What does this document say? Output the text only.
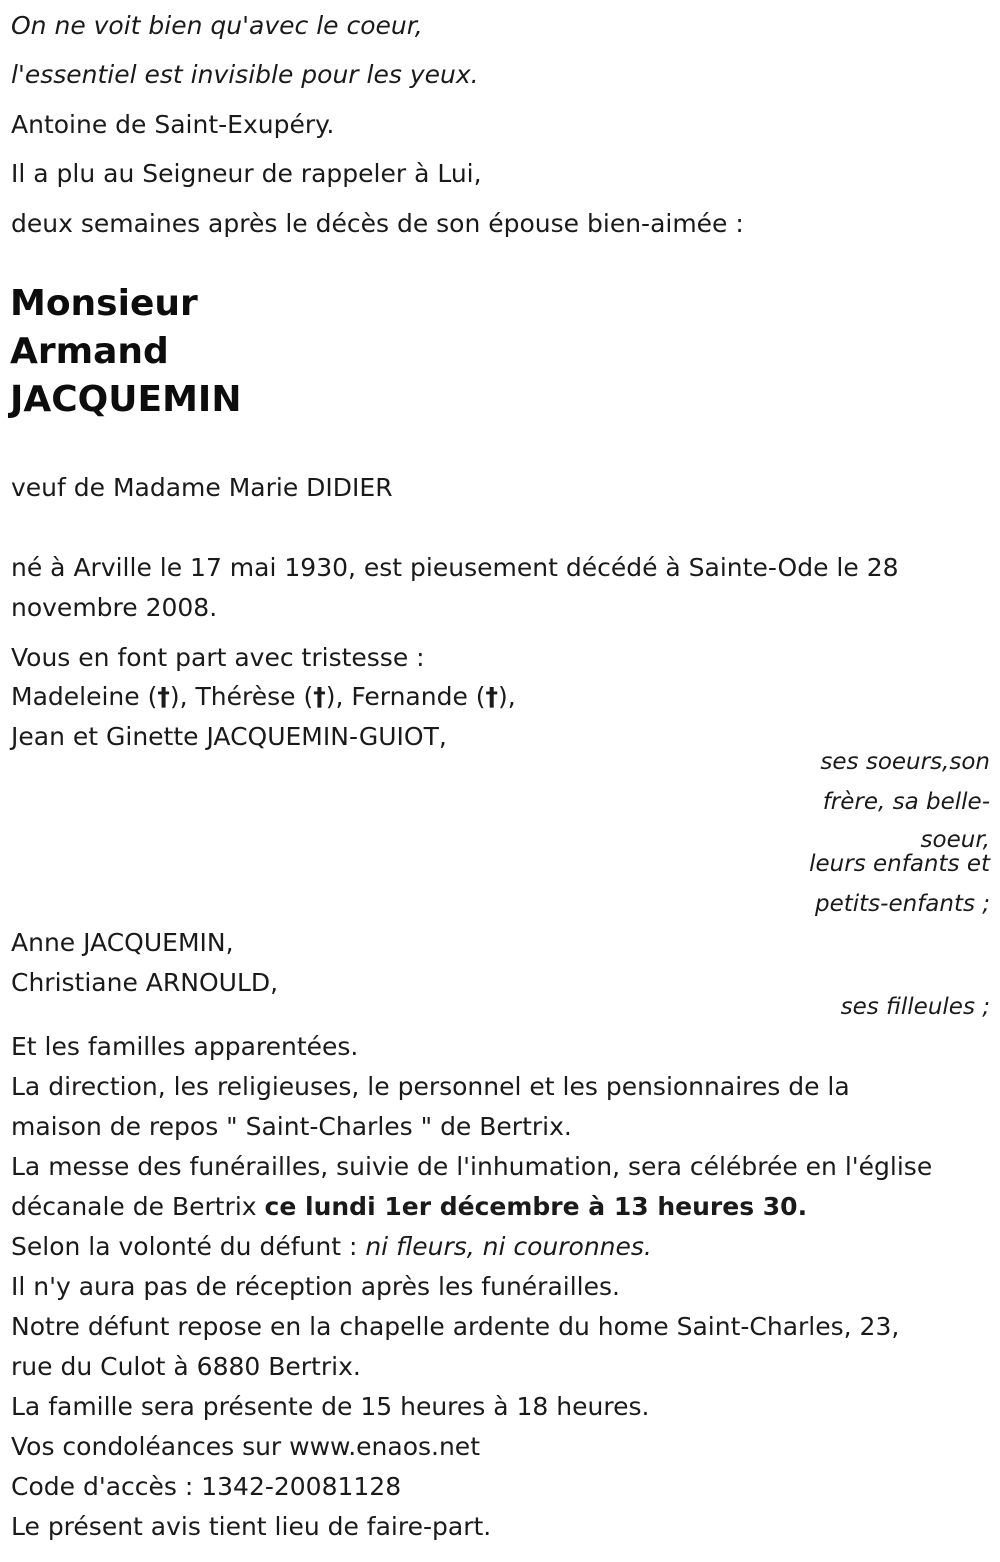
On ne voit bien qu'avec le coeur,
l'essentiel est invisible pour les yeux.
Antoine de Saint-Exupéry.
Il a plu au Seigneur de rappeler à Lui,
deux semaines après le décès de son épouse bien-aimée :
Monsieur
Armand
JACQUEMIN
veuf de Madame Marie DIDIER
né à Arville le 17 mai 1930, est pieusement décédé à Sainte-Ode le 28
novembre 2008.
Vous en font part avec tristesse :
Madeleine (†), Thérèse (†), Fernande (†),
Jean et Ginette JACQUEMIN-GUIOT,
ses soeurs,son
frère, sa belle-
soeur,
leurs enfants et
petits-enfants ;
Anne JACQUEMIN,
Christiane ARNOULD,
ses filleules ;
Et les familles apparentées.
La direction, les religieuses, le personnel et les pensionnaires de la
maison de repos " Saint-Charles " de Bertrix.
La messe des funérailles, suivie de l'inhumation, sera célébrée en l'église
décanale de Bertrix ce lundi 1er décembre à 13 heures 30.
Selon la volonté du défunt : ni fleurs, ni couronnes.
Il n'y aura pas de réception après les funérailles.
Notre défunt repose en la chapelle ardente du home Saint-Charles, 23,
rue du Culot à 6880 Bertrix.
La famille sera présente de 15 heures à 18 heures.
Vos condoléances sur www.enaos.net
Code d'accès : 1342-20081128
Le présent avis tient lieu de faire-part.
